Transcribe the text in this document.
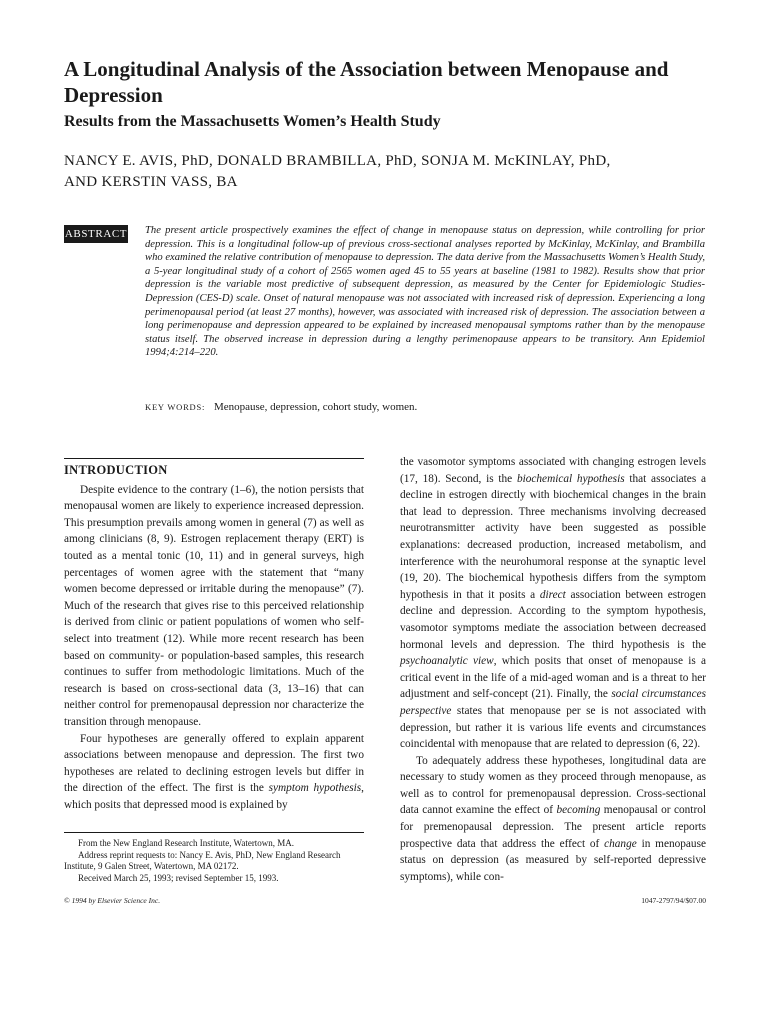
A Longitudinal Analysis of the Association between Menopause and Depression
Results from the Massachusetts Women’s Health Study
NANCY E. AVIS, PhD, DONALD BRAMBILLA, PhD, SONJA M. McKINLAY, PhD,
AND KERSTIN VASS, BA
ABSTRACT The present article prospectively examines the effect of change in menopause status on depression, while controlling for prior depression. This is a longitudinal follow-up of previous cross-sectional analyses reported by McKinlay, McKinlay, and Brambilla who examined the relative contribution of menopause to depression. The data derive from the Massachusetts Women’s Health Study, a 5-year longitudinal study of a cohort of 2565 women aged 45 to 55 years at baseline (1981 to 1982). Results show that prior depression is the variable most predictive of subsequent depression, as measured by the Center for Epidemiologic Studies-Depression (CES-D) scale. Onset of natural menopause was not associated with increased risk of depression. Experiencing a long perimenopausal period (at least 27 months), however, was associated with increased risk of depression. The association between a long perimenopause and depression appeared to be explained by increased menopausal symptoms rather than by the menopause status itself. The observed increase in depression during a lengthy perimenopause appears to be transitory. Ann Epidemiol 1994;4:214–220.

KEY WORDS: Menopause, depression, cohort study, women.

INTRODUCTION

Despite evidence to the contrary (1–6), the notion persists that menopausal women are likely to experience increased depression. This presumption prevails among women in general (7) as well as among clinicians (8, 9). Estrogen replacement therapy (ERT) is touted as a mental tonic (10, 11) and in general surveys, high percentages of women agree with the statement that “many women become depressed or irritable during the menopause” (7). Much of the research that gives rise to this perceived relationship is derived from clinic or patient populations of women who self-select into treatment (12). While more recent research has been based on community- or population-based samples, this research continues to suffer from methodologic limitations. Much of the research is based on cross-sectional data (3, 13–16) that can neither control for premenopausal depression nor characterize the transition through menopause.

Four hypotheses are generally offered to explain apparent associations between menopause and depression. The first two hypotheses are related to declining estrogen levels but differ in the direction of the effect. The first is the symptom hypothesis, which posits that depressed mood is explained by

the vasomotor symptoms associated with changing estrogen levels (17, 18). Second, is the biochemical hypothesis that associates a decline in estrogen directly with biochemical changes in the brain that lead to depression. Three mechanisms involving decreased neurotransmitter activity have been suggested as possible explanations: decreased production, increased metabolism, and interference with the neurohumoral response at the synaptic level (19, 20). The biochemical hypothesis differs from the symptom hypothesis in that it posits a direct association between estrogen decline and depression. According to the symptom hypothesis, vasomotor symptoms mediate the association between decreased hormonal levels and depression. The third hypothesis is the psychoanalytic view, which posits that onset of menopause is a critical event in the life of a mid-aged woman and is a threat to her adjustment and self-concept (21). Finally, the social circumstances perspective states that menopause per se is not associated with depression, but rather it is various life events and circumstances coincidental with menopause that are related to depression (6, 22).

To adequately address these hypotheses, longitudinal data are necessary to study women as they proceed through menopause, as well as to control for premenopausal depression. Cross-sectional data cannot examine the effect of becoming menopausal or control for premenopausal depression. The present article reports prospective data that address the effect of change in menopause status on depression (as measured by self-reported depressive symptoms), while con-

From the New England Research Institute, Watertown, MA.
Address reprint requests to: Nancy E. Avis, PhD, New England Research Institute, 9 Galen Street, Watertown, MA 02172.
Received March 25, 1993; revised September 15, 1993.
© 1994 by Elsevier Science Inc.	1047-2797/94/$07.00
